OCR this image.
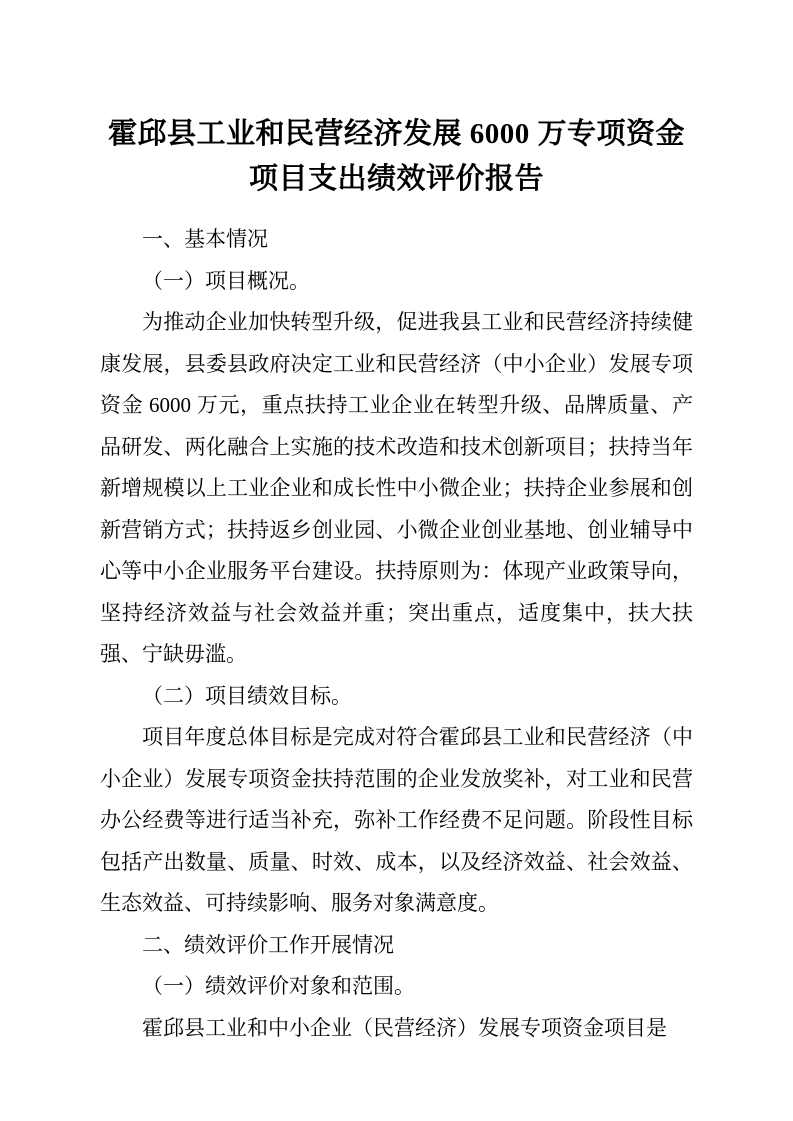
霍邱县工业和民营经济发展 6000 万专项资金
项目支出绩效评价报告

一、基本情况

（一）项目概况。

为推动企业加快转型升级，促进我县工业和民营经济持续健康发展，县委县政府决定工业和民营经济（中小企业）发展专项资金 6000 万元，重点扶持工业企业在转型升级、品牌质量、产品研发、两化融合上实施的技术改造和技术创新项目；扶持当年新增规模以上工业企业和成长性中小微企业；扶持企业参展和创新营销方式；扶持返乡创业园、小微企业创业基地、创业辅导中心等中小企业服务平台建设。扶持原则为：体现产业政策导向，坚持经济效益与社会效益并重；突出重点，适度集中，扶大扶强、宁缺毋滥。

（二）项目绩效目标。

项目年度总体目标是完成对符合霍邱县工业和民营经济（中小企业）发展专项资金扶持范围的企业发放奖补，对工业和民营办公经费等进行适当补充，弥补工作经费不足问题。阶段性目标包括产出数量、质量、时效、成本，以及经济效益、社会效益、生态效益、可持续影响、服务对象满意度。

二、绩效评价工作开展情况

（一）绩效评价对象和范围。

霍邱县工业和中小企业（民营经济）发展专项资金项目是
